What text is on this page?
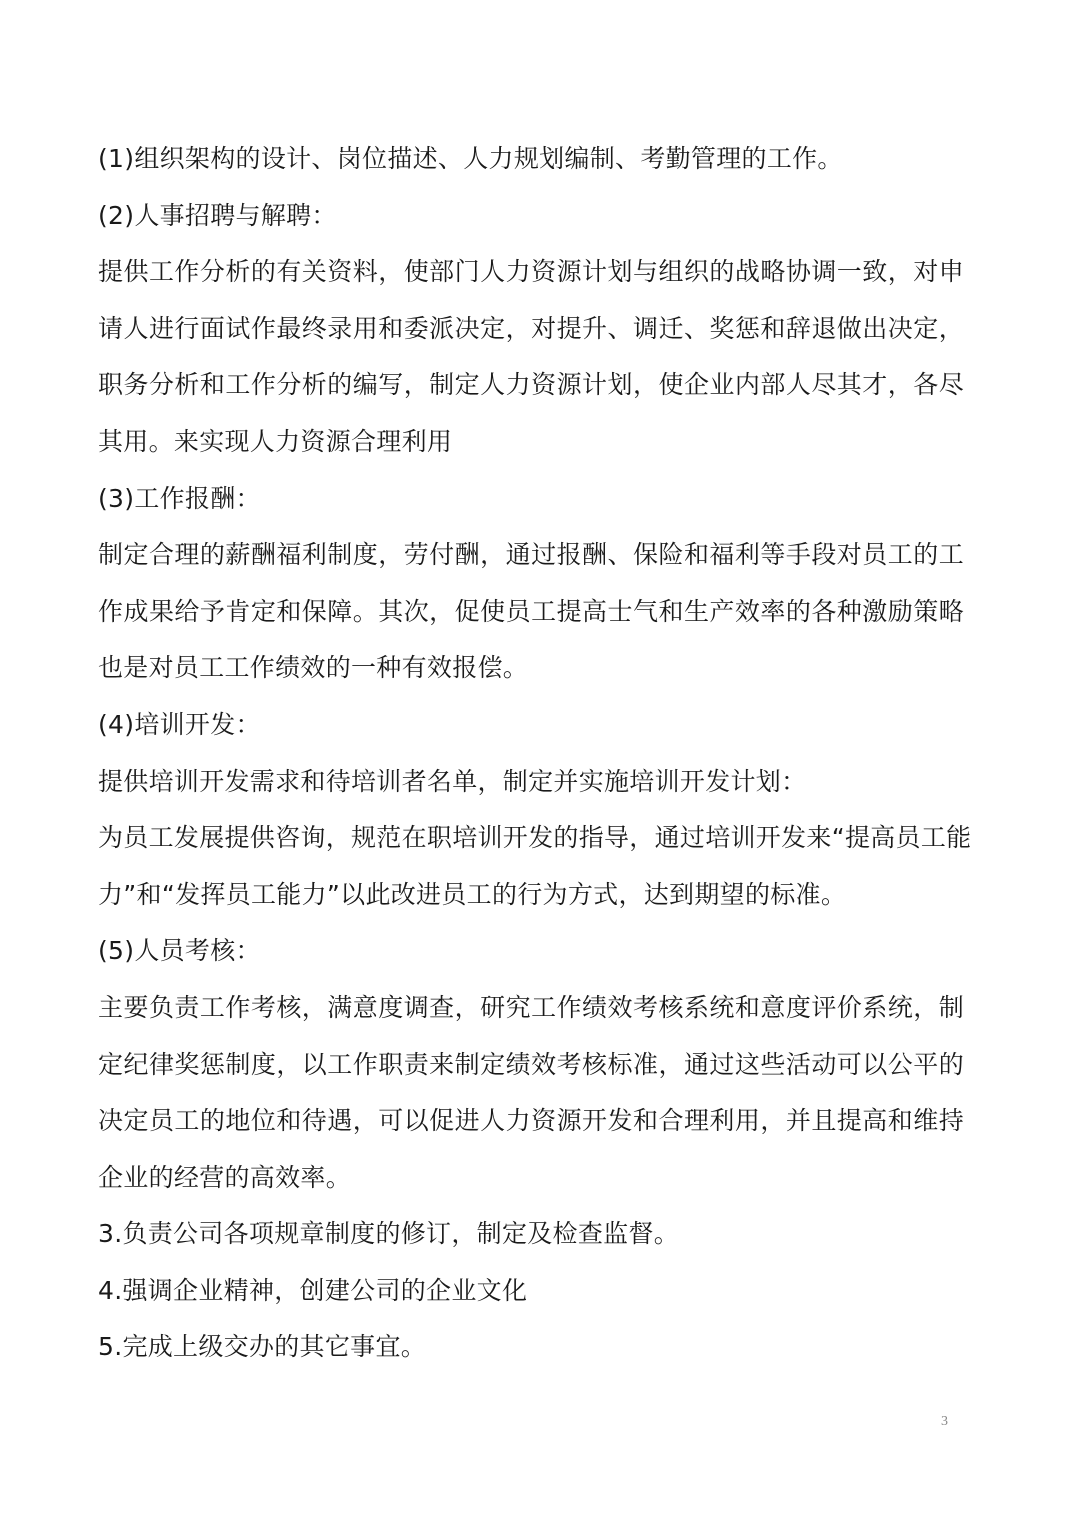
(1)组织架构的设计、岗位描述、人力规划编制、考勤管理的工作。
(2)人事招聘与解聘：
提供工作分析的有关资料，使部门人力资源计划与组织的战略协调一致，对申
请人进行面试作最终录用和委派决定，对提升、调迁、奖惩和辞退做出决定，
职务分析和工作分析的编写，制定人力资源计划，使企业内部人尽其才，各尽
其用。来实现人力资源合理利用
(3)工作报酬：
制定合理的薪酬福利制度，劳付酬，通过报酬、保险和福利等手段对员工的工
作成果给予肯定和保障。其次，促使员工提高士气和生产效率的各种激励策略
也是对员工工作绩效的一种有效报偿。
(4)培训开发：
提供培训开发需求和待培训者名单，制定并实施培训开发计划：
为员工发展提供咨询，规范在职培训开发的指导，通过培训开发来“提高员工能
力”和“发挥员工能力”以此改进员工的行为方式，达到期望的标准。
(5)人员考核：
主要负责工作考核，满意度调查，研究工作绩效考核系统和意度评价系统，制
定纪律奖惩制度，以工作职责来制定绩效考核标准，通过这些活动可以公平的
决定员工的地位和待遇，可以促进人力资源开发和合理利用，并且提高和维持
企业的经营的高效率。
3.负责公司各项规章制度的修订，制定及检查监督。
4.强调企业精神，创建公司的企业文化
5.完成上级交办的其它事宜。
3
